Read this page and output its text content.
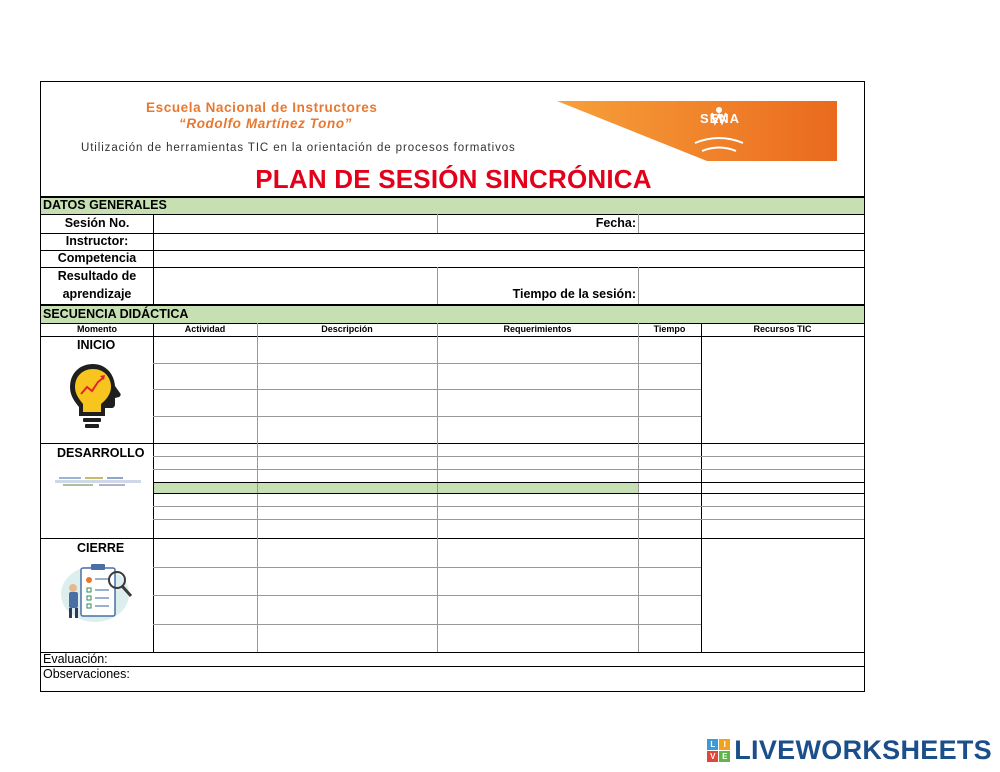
Escuela Nacional de Instructores
“Rodolfo Martínez Tono”
Utilización de herramientas TIC en la orientación de procesos formativos
SENA
PLAN DE SESIÓN SINCRÓNICA
DATOS GENERALES
SECUENCIA DIDÁCTICA
Sesión No.	Fecha:
Instructor:
Competencia
Resultado de
aprendizaje	Tiempo de la sesión:
Momento	Actividad	Descripción	Requerimientos	Tiempo	Recursos TIC
INICIO
DESARROLLO
CIERRE
Evaluación:
Observaciones:
L	I
V E LIVEWORKSHEETS
